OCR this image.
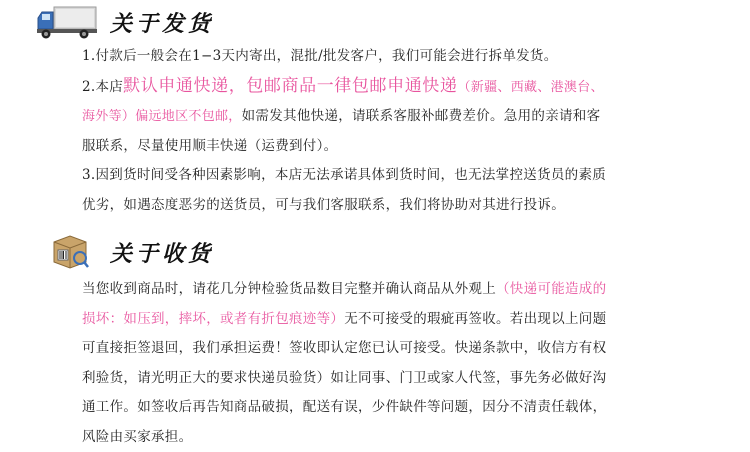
关于发货
1.付款后一般会在1−3天内寄出，混批/批发客户，我们可能会进行拆单发货。
2.本店默认申通快递，包邮商品一律包邮申通快递（新疆、西藏、港澳台、
海外等）偏远地区不包邮，如需发其他快递，请联系客服补邮费差价。急用的亲请和客
服联系，尽量使用顺丰快递（运费到付）。
3.因到货时间受各种因素影响，本店无法承诺具体到货时间，也无法掌控送货员的素质
优劣，如遇态度恶劣的送货员，可与我们客服联系，我们将协助对其进行投诉。
关于收货
当您收到商品时，请花几分钟检验货品数目完整并确认商品从外观上（快递可能造成的
损坏：如压到，摔坏，或者有折包痕迹等）无不可接受的瑕疵再签收。若出现以上问题
可直接拒签退回，我们承担运费！签收即认定您已认可接受。快递条款中，收信方有权
利验货，请光明正大的要求快递员验货）如让同事、门卫或家人代签，事先务必做好沟
通工作。如签收后再告知商品破损，配送有误，少件缺件等问题，因分不清责任载体，
风险由买家承担。
